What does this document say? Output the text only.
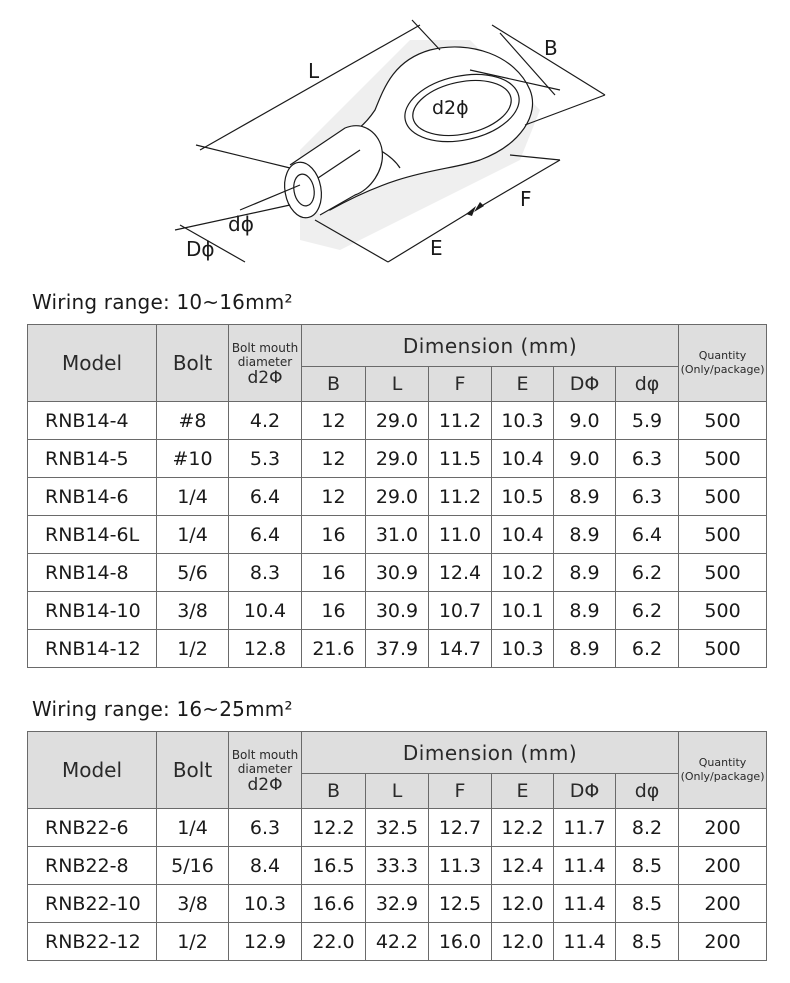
L
B
d2ϕ
F
E
dϕ
Dϕ
Wiring range: 10~16mm²
Model	Bolt	Bolt mouth
diameter
d2Φ	Dimension (mm)						Quantity
(Only/package)
			B	L	F	E	DΦ	dφ	
RNB14-4	#8	4.2	12	29.0	11.2	10.3	9.0	5.9	500
RNB14-5	#10	5.3	12	29.0	11.5	10.4	9.0	6.3	500
RNB14-6	1/4	6.4	12	29.0	11.2	10.5	8.9	6.3	500
RNB14-6L	1/4	6.4	16	31.0	11.0	10.4	8.9	6.4	500
RNB14-8	5/6	8.3	16	30.9	12.4	10.2	8.9	6.2	500
RNB14-10	3/8	10.4	16	30.9	10.7	10.1	8.9	6.2	500
RNB14-12	1/2	12.8	21.6	37.9	14.7	10.3	8.9	6.2	500
Wiring range: 16~25mm²
Model	Bolt	Bolt mouth
diameter
d2Φ	Dimension (mm)						Quantity
(Only/package)
			B	L	F	E	DΦ	dφ	
RNB22-6	1/4	6.3	12.2	32.5	12.7	12.2	11.7	8.2	200
RNB22-8	5/16	8.4	16.5	33.3	11.3	12.4	11.4	8.5	200
RNB22-10	3/8	10.3	16.6	32.9	12.5	12.0	11.4	8.5	200
RNB22-12	1/2	12.9	22.0	42.2	16.0	12.0	11.4	8.5	200
